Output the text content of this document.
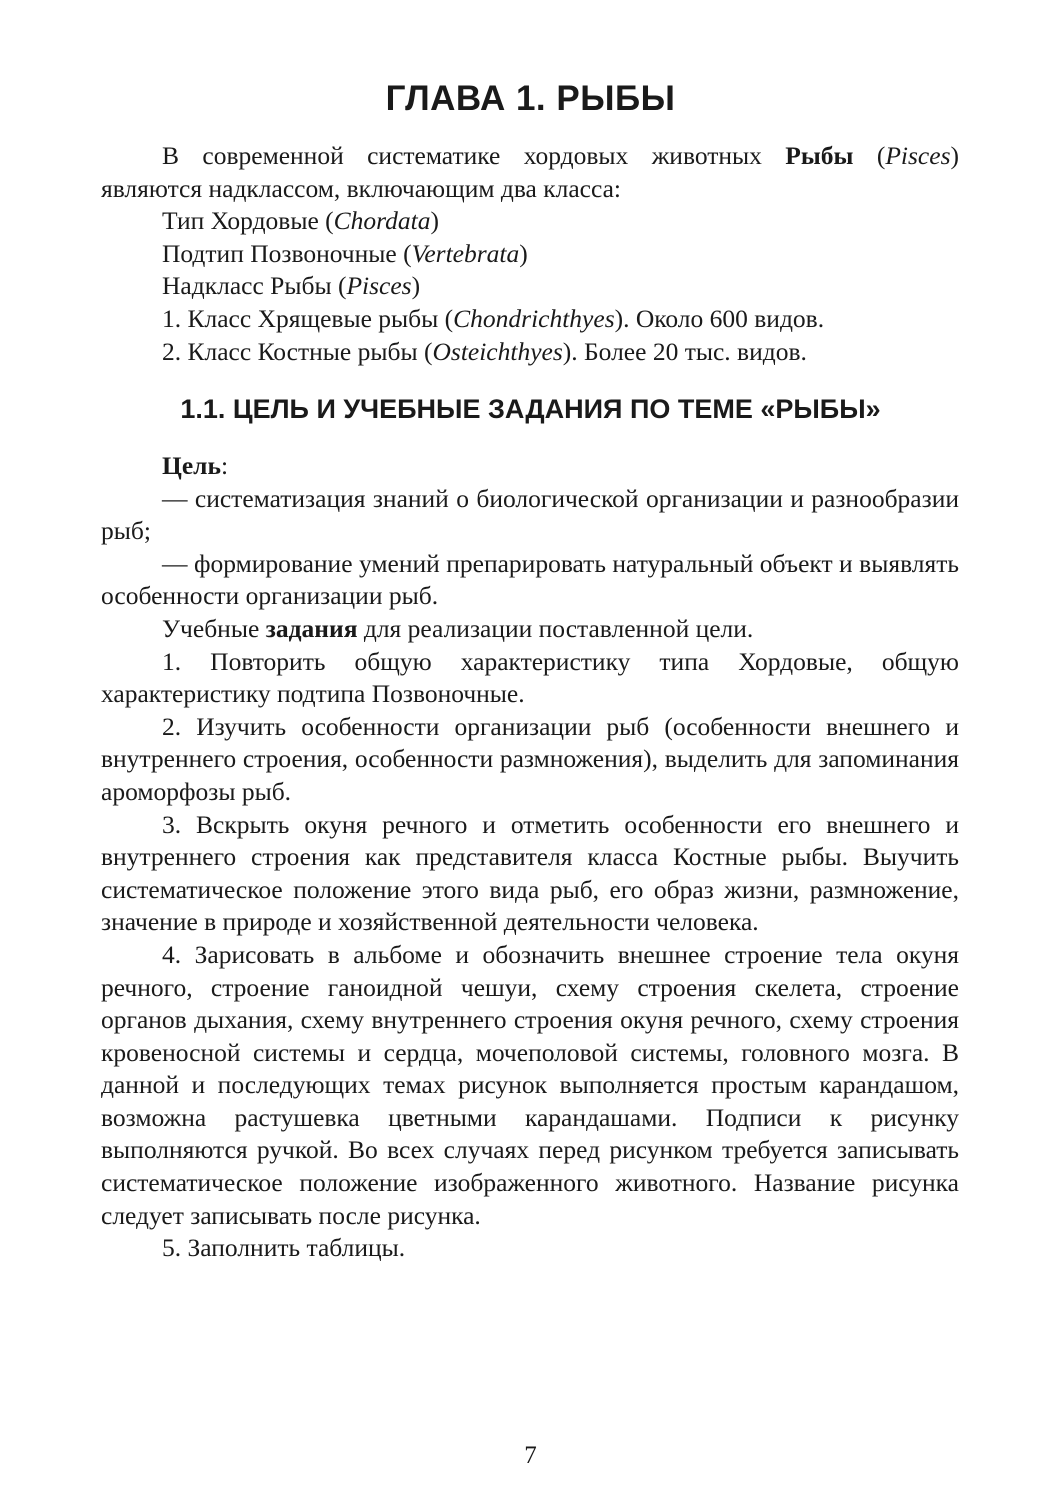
ГЛАВА 1. РЫБЫ

В современной систематике хордовых животных Рыбы (Pisces) являются надклассом, включающим два класса:

Тип Хордовые (Chordata)

Подтип Позвоночные (Vertebrata)

Надкласс Рыбы (Pisces)

1. Класс Хрящевые рыбы (Chondrichthyes). Около 600 видов.

2. Класс Костные рыбы (Osteichthyes). Более 20 тыс. видов.

1.1. ЦЕЛЬ И УЧЕБНЫЕ ЗАДАНИЯ ПО ТЕМЕ «РЫБЫ»

Цель:

— систематизация знаний о биологической организации и разнообразии рыб;

— формирование умений препарировать натуральный объект и выявлять особенности организации рыб.

Учебные задания для реализации поставленной цели.

1. Повторить общую характеристику типа Хордовые, общую характеристику подтипа Позвоночные.

2. Изучить особенности организации рыб (особенности внешнего и внутреннего строения, особенности размножения), выделить для запоминания ароморфозы рыб.

3. Вскрыть окуня речного и отметить особенности его внешнего и внутреннего строения как представителя класса Костные рыбы. Выучить систематическое положение этого вида рыб, его образ жизни, размножение, значение в природе и хозяйственной деятельности человека.

4. Зарисовать в альбоме и обозначить внешнее строение тела окуня речного, строение ганоидной чешуи, схему строения скелета, строение органов дыхания, схему внутреннего строения окуня речного, схему строения кровеносной системы и сердца, мочеполовой системы, головного мозга. В данной и последующих темах рисунок выполняется простым карандашом, возможна растушевка цветными карандашами. Подписи к рисунку выполняются ручкой. Во всех случаях перед рисунком требуется записывать систематическое положение изображенного животного. Название рисунка следует записывать после рисунка.

5. Заполнить таблицы.

7
